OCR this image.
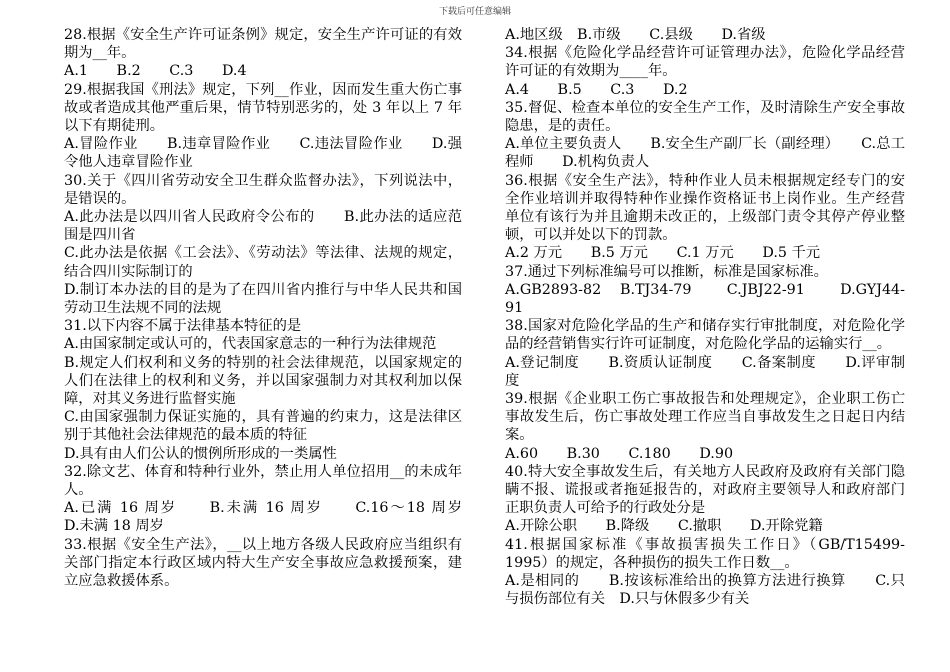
下载后可任意编辑
28.根据《安全生产许可证条例》规定，安全生产许可证的有效期为__年。
A.1　　B.2　　C.3　　D.4
29.根据我国《刑法》规定，下列__作业，因而发生重大伤亡事故或者造成其他严重后果，情节特别恶劣的，处 3 年以上 7 年以下有期徒刑。
A.冒险作业　　B.违章冒险作业　　C.违法冒险作业　　D.强令他人违章冒险作业
30.关于《四川省劳动安全卫生群众监督办法》，下列说法中，是错误的。
A.此办法是以四川省人民政府令公布的　　B.此办法的适应范围是四川省
C.此办法是依据《工会法》、《劳动法》等法律、法规的规定，结合四川实际制订的
D.制订本办法的目的是为了在四川省内推行与中华人民共和国劳动卫生法规不同的法规
31.以下内容不属于法律基本特征的是
A.由国家制定或认可的，代表国家意志的一种行为法律规范
B.规定人们权利和义务的特别的社会法律规范，以国家规定的人们在法律上的权利和义务，并以国家强制力对其权利加以保障，对其义务进行监督实施
C.由国家强制力保证实施的，具有普遍的约束力，这是法律区别于其他社会法律规范的最本质的特征
D.具有由人们公认的惯例所形成的一类属性
32.除文艺、体育和特种行业外，禁止用人单位招用__的未成年人。
A.已满 16 周岁　　B.未满 16 周岁　　C.16～18 周岁　　D.未满 18 周岁
33.根据《安全生产法》，__以上地方各级人民政府应当组织有关部门指定本行政区域内特大生产安全事故应急救援预案，建立应急救援体系。
A.地区级　B.市级　　C.县级　　D.省级
34.根据《危险化学品经营许可证管理办法》，危险化学品经营许可证的有效期为____年。
A.4　　B.5　　C.3　　D.2
35.督促、检查本单位的安全生产工作，及时清除生产安全事故隐患，是的责任。
A.单位主要负责人　　B.安全生产副厂长（副经理）　　C.总工程师　　D.机构负责人
36.根据《安全生产法》，特种作业人员未根据规定经专门的安全作业培训并取得特种作业操作资格证书上岗作业。生产经营单位有该行为并且逾期未改正的，上级部门责令其停产停业整顿，可以并处以下的罚款。
A.2 万元　　B.5 万元　　C.1 万元　　D.5 千元
37.通过下列标准编号可以推断，标准是国家标准。
A.GB2893-82　B.TJ34-79　　C.JBJ22-91　　D.GYJ44-91
38.国家对危险化学品的生产和储存实行审批制度，对危险化学品的经营销售实行许可证制度，对危险化学品的运输实行__。
A.登记制度　　B.资质认证制度　　C.备案制度　　D.评审制度
39.根据《企业职工伤亡事故报告和处理规定》，企业职工伤亡事故发生后，伤亡事故处理工作应当自事故发生之日起日内结案。
A.60　　B.30　　C.180　　D.90
40.特大安全事故发生后，有关地方人民政府及政府有关部门隐瞒不报、谎报或者拖延报告的，对政府主要领导人和政府部门正职负责人可给予的行政处分是
A.开除公职　　B.降级　　C.撤职　　D.开除党籍
41.根据国家标准《事故损害损失工作日》（GB/T15499-1995）的规定，各种损伤的损失工作日数__。
A.是相同的　　B.按该标准给出的换算方法进行换算　　C.只与损伤部位有关　D.只与休假多少有关
